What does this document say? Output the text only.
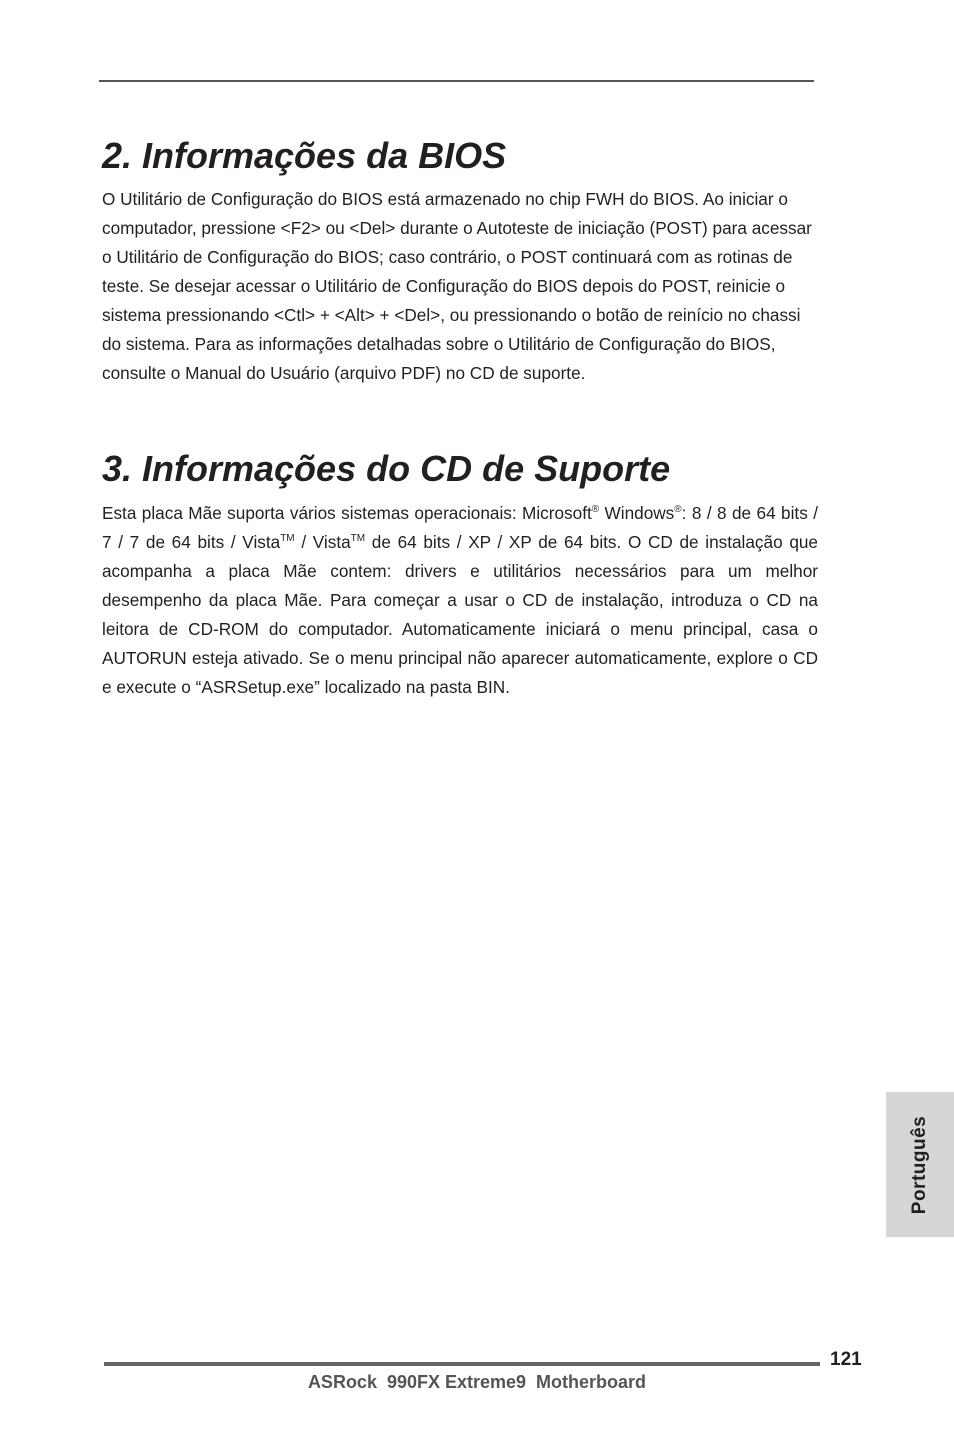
2. Informações da BIOS

O Utilitário de Configuração do BIOS está armazenado no chip FWH do BIOS. Ao iniciar o computador, pressione <F2> ou <Del> durante o Autoteste de iniciação (POST) para acessar o Utilitário de Configuração do BIOS; caso contrário, o POST continuará com as rotinas de teste. Se desejar acessar o Utilitário de Configuração do BIOS depois do POST, reinicie o sistema pressionando <Ctl> + <Alt> + <Del>, ou pressionando o botão de reinício no chassi do sistema. Para as informações detalhadas sobre o Utilitário de Configuração do BIOS, consulte o Manual do Usuário (arquivo PDF) no CD de suporte.

3. Informações do CD de Suporte

Esta placa Mãe suporta vários sistemas operacionais: Microsoft® Windows®: 8 / 8 de 64 bits / 7 / 7 de 64 bits / Vista™ / Vista™ de 64 bits / XP / XP de 64 bits. O CD de instalação que acompanha a placa Mãe contem: drivers e utilitários necessários para um melhor desempenho da placa Mãe. Para começar a usar o CD de instalação, introduza o CD na leitora de CD-ROM do computador. Automaticamente iniciará o menu principal, casa o AUTORUN esteja ativado. Se o menu principal não aparecer automaticamente, explore o CD e execute o “ASRSetup.exe” localizado na pasta BIN.

Português
121
ASRock  990FX Extreme9  Motherboard
